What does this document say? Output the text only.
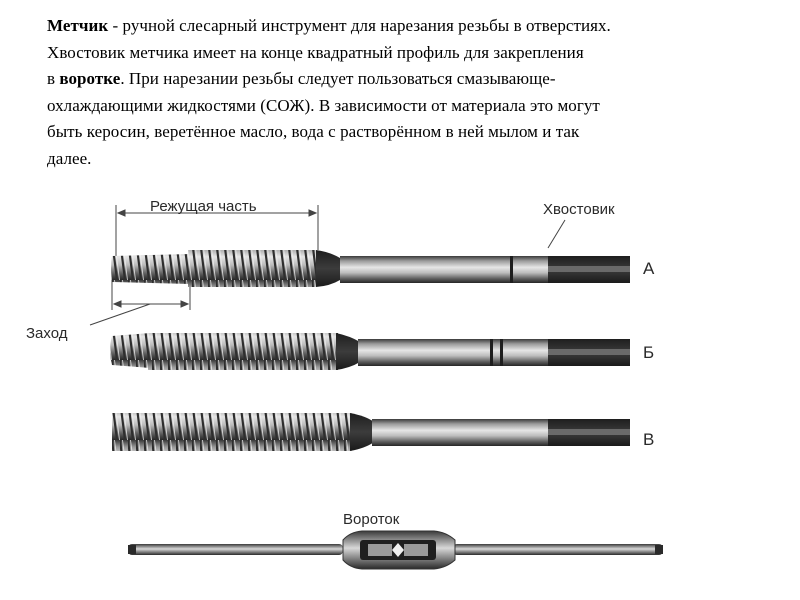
Метчик - ручной слесарный инструмент для нарезания резьбы в отверстиях.
Хвостовик метчика имеет на конце квадратный профиль для закрепления
в воротке. При нарезании резьбы следует пользоваться смазывающе-
охлаждающими жидкостями (СОЖ). В зависимости от материала это могут
быть керосин, веретённое масло, вода с растворённом в ней мылом и так
далее.
Режущая часть
Заход
Хвостовик
А
Б
В
Вороток
